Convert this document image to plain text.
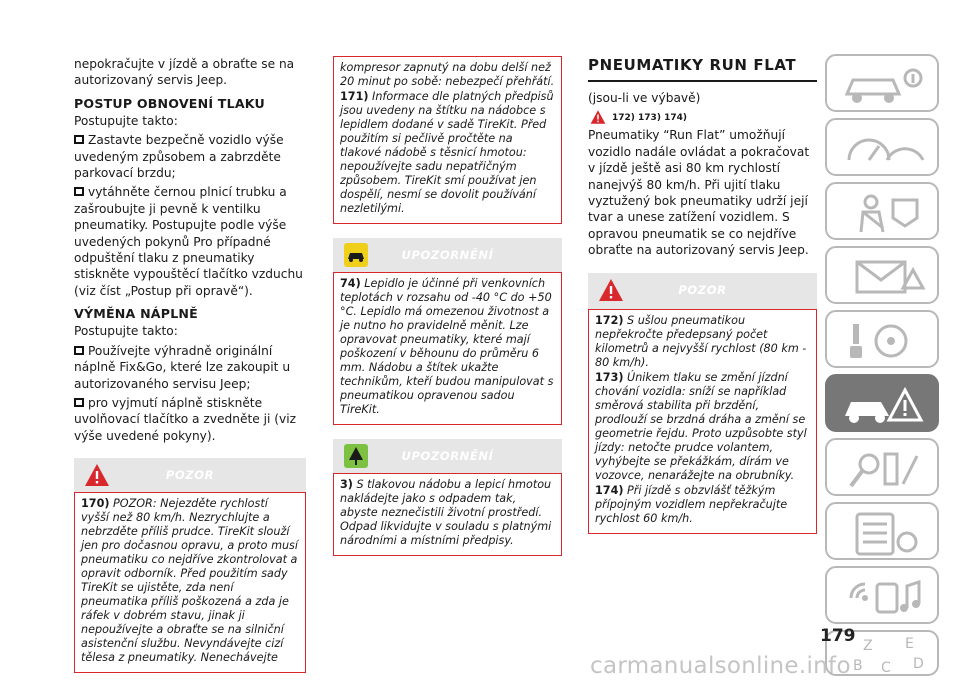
nepokračujte v jízdě a obraťte se na autorizovaný servis Jeep.

POSTUP OBNOVENÍ TLAKU

Postupujte takto:

Zastavte bezpečně vozidlo výše uvedeným způsobem a zabrzděte parkovací brzdu;

vytáhněte černou plnicí trubku a zašroubujte ji pevně k ventilku pneumatiky. Postupujte podle výše uvedených pokynů Pro případné odpuštění tlaku z pneumatiky stiskněte vypouštěcí tlačítko vzduchu (viz číst „Postup při opravě“).

VÝMĚNA NÁPLNĚ

Postupujte takto:

Používejte výhradně originální náplně Fix&Go, které lze zakoupit u autorizovaného servisu Jeep;

pro vyjmutí náplně stiskněte uvolňovací tlačítko a zvedněte ji (viz výše uvedené pokyny).

POZOR

170) POZOR: Nejezděte rychlostí vyšší než 80 km/h. Nezrychlujte a nebrzděte příliš prudce. TireKit slouží jen pro dočasnou opravu, a proto musí pneumatiku co nejdříve zkontrolovat a opravit odborník. Před použitím sady TireKit se ujistěte, zda není pneumatika příliš poškozená a zda je ráfek v dobrém stavu, jinak ji nepoužívejte a obraťte se na silniční asistenční službu. Nevyndávejte cizí tělesa z pneumatiky. Nenechávejte

kompresor zapnutý na dobu delší než 20 minut po sobě: nebezpečí přehřátí.

171) Informace dle platných předpisů jsou uvedeny na štítku na nádobce s lepidlem dodané v sadě TireKit. Před použitím si pečlivě pročtěte na tlakové nádobě s těsnicí hmotou: nepoužívejte sadu nepatřičným způsobem. TireKit smí používat jen dospělí, nesmí se dovolit používání nezletilými.

UPOZORNĚNÍ

74) Lepidlo je účinné při venkovních teplotách v rozsahu od -40 °C do +50 °C. Lepidlo má omezenou životnost a je nutno ho pravidelně měnit. Lze opravovat pneumatiky, které mají poškození v běhounu do průměru 6 mm. Nádobu a štítek ukažte technikům, kteří budou manipulovat s pneumatikou opravenou sadou TireKit.

UPOZORNĚNÍ

3) S tlakovou nádobu a lepicí hmotou nakládejte jako s odpadem tak, abyste neznečistili životní prostředí. Odpad likvidujte v souladu s platnými národními a místními předpisy.

PNEUMATIKY RUN FLAT

(jsou-li ve výbavě)

172) 173) 174)

Pneumatiky “Run Flat” umožňují vozidlo nadále ovládat a pokračovat v jízdě ještě asi 80 km rychlostí nanejvýš 80 km/h. Při ujití tlaku vyztužený bok pneumatiky udrží její tvar a unese zatížení vozidlem. S opravou pneumatik se co nejdříve obraťte na autorizovaný servis Jeep.

POZOR

172) S ušlou pneumatikou nepřekročte předepsaný počet kilometrů a nejvyšší rychlost (80 km - 80 km/h).

173) Únikem tlaku se změní jízdní chování vozidla: sníží se například směrová stabilita při brzdění, prodlouží se brzdná dráha a změní se geometrie řejdu. Proto uzpůsobte styl jízdy: netočte prudce volantem, vyhýbejte se překážkám, dírám ve vozovce, nenarážejte na obrubníky.

174) Při jízdě s obzvlášť těžkým přípojným vozidlem nepřekračujte rychlost 60 km/h.

Z E
B C D
179
carmanualsonline.info
